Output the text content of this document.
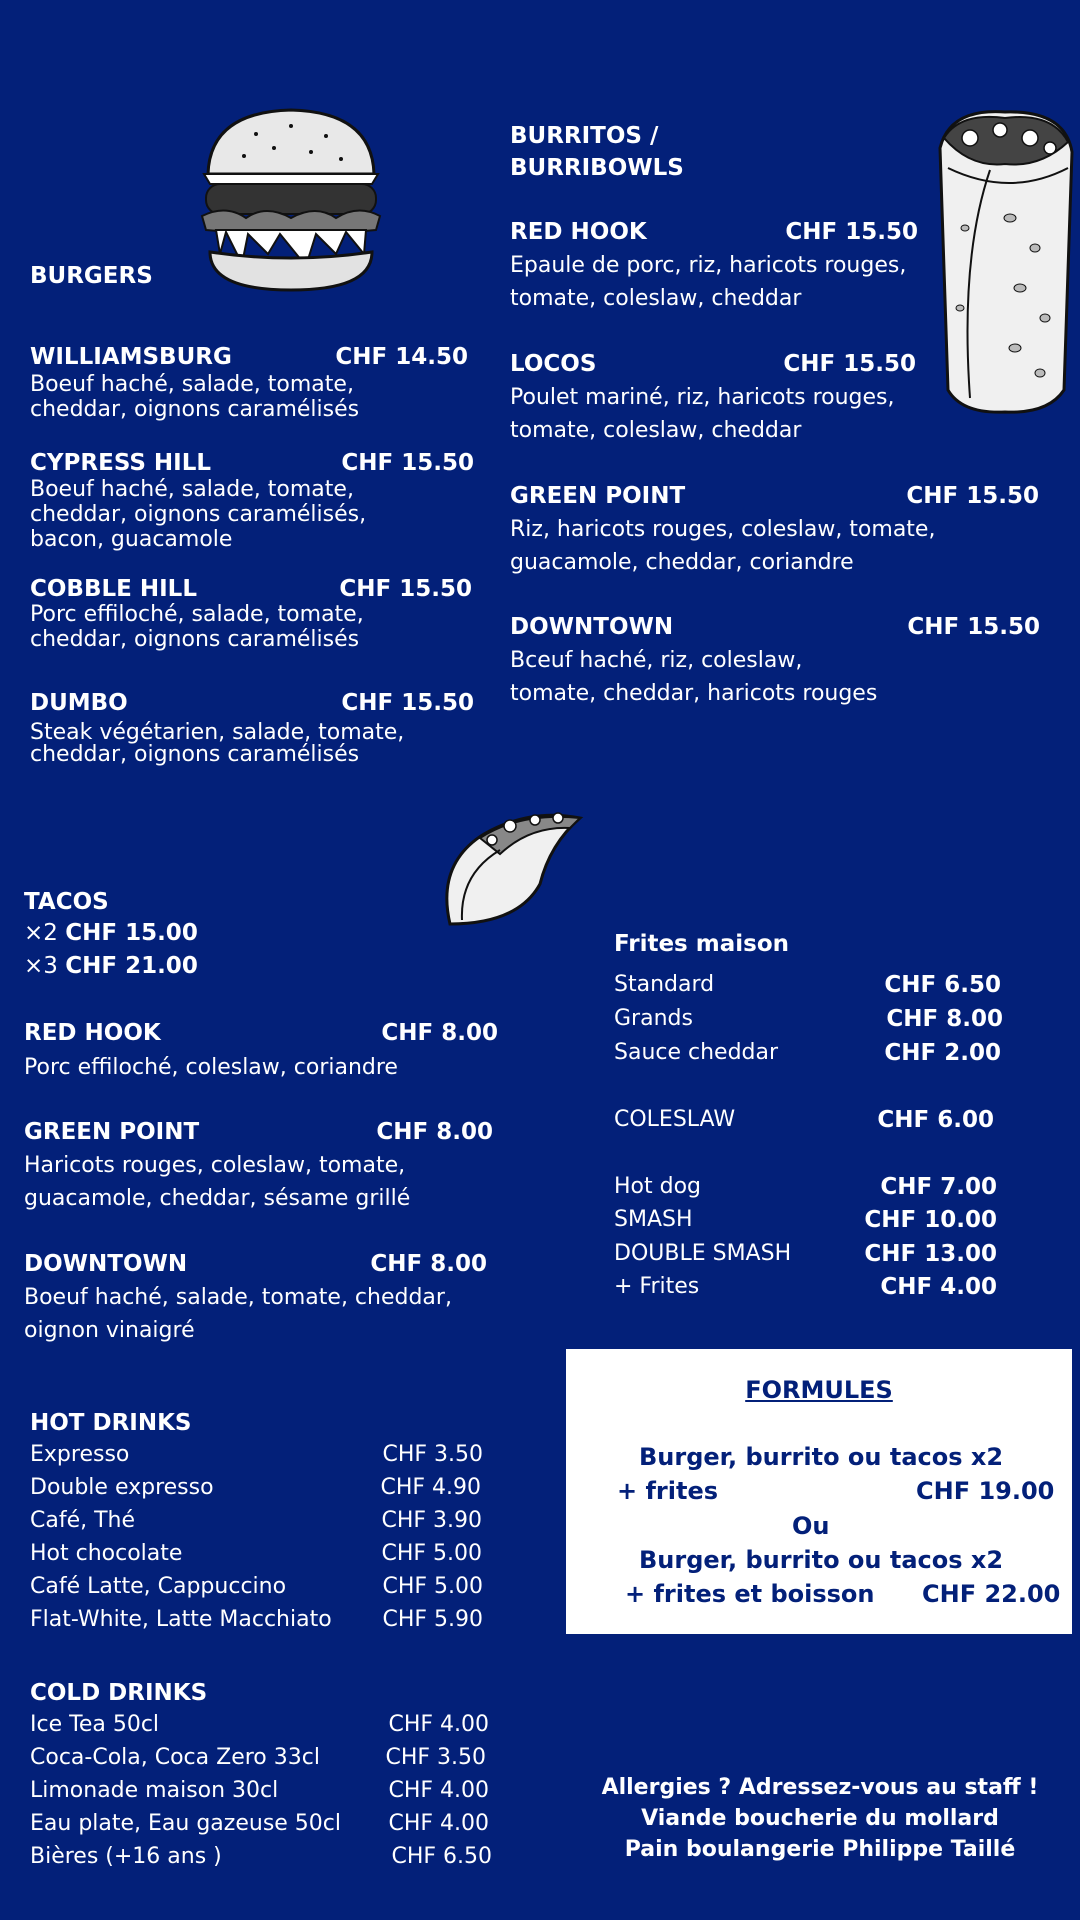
BURGERS
WILLIAMSBURG	CHF 14.50
Boeuf haché, salade, tomate,
cheddar, oignons caramélisés
CYPRESS HILL	CHF 15.50
Boeuf haché, salade, tomate,
cheddar, oignons caramélisés,
bacon, guacamole
COBBLE HILL	CHF 15.50
Porc effiloché, salade, tomate,
cheddar, oignons caramélisés
DUMBO	CHF 15.50
Steak végétarien, salade, tomate,
cheddar, oignons caramélisés
BURRITOS /
BURRIBOWLS
RED HOOK	CHF 15.50
Epaule de porc, riz, haricots rouges,
tomate, coleslaw, cheddar
LOCOS	CHF 15.50
Poulet mariné, riz, haricots rouges,
tomate, coleslaw, cheddar
GREEN POINT	CHF 15.50
Riz, haricots rouges, coleslaw, tomate,
guacamole, cheddar, coriandre
DOWNTOWN	CHF 15.50
Bceuf haché, riz, coleslaw,
tomate, cheddar, haricots rouges
TACOS
×2 CHF 15.00
×3 CHF 21.00
RED HOOK	CHF 8.00
Porc effiloché, coleslaw, coriandre
GREEN POINT	CHF 8.00
Haricots rouges, coleslaw, tomate,
guacamole, cheddar, sésame grillé
DOWNTOWN	CHF 8.00
Boeuf haché, salade, tomate, cheddar,
oignon vinaigré
Frites maison
Standard	CHF 6.50
Grands	CHF 8.00
Sauce cheddar	CHF 2.00
COLESLAW	CHF 6.00
Hot dog	CHF 7.00
SMASH	CHF 10.00
DOUBLE SMASH	CHF 13.00
+ Frites	CHF 4.00
FORMULES
Burger, burrito ou tacos x2
+ frites	CHF 19.00
Ou
Burger, burrito ou tacos x2
+ frites et boisson CHF 22.00
HOT DRINKS
Expresso	CHF 3.50
Double expresso	CHF 4.90
Café, Thé	CHF 3.90
Hot chocolate	CHF 5.00
Café Latte, Cappuccino	CHF 5.00
Flat-White, Latte Macchiato CHF 5.90
COLD DRINKS
Ice Tea 50cl	CHF 4.00
Coca-Cola, Coca Zero 33cl	CHF 3.50
Limonade maison 30cl	CHF 4.00
Eau plate, Eau gazeuse 50cl CHF 4.00
Bières (+16 ans )	CHF 6.50
Allergies ? Adressez-vous au staff !
Viande boucherie du mollard
Pain boulangerie Philippe Taillé
